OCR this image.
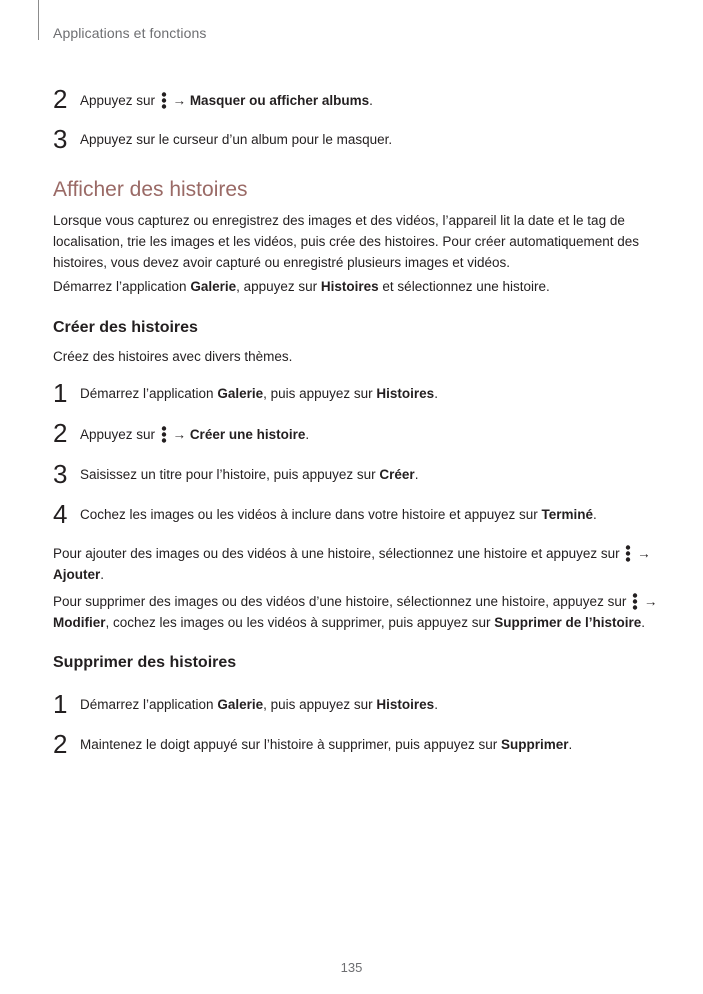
Applications et fonctions
2 Appuyez sur  → Masquer ou afficher albums.
3 Appuyez sur le curseur d’un album pour le masquer.
Afficher des histoires
Lorsque vous capturez ou enregistrez des images et des vidéos, l’appareil lit la date et le tag de localisation, trie les images et les vidéos, puis crée des histoires. Pour créer automatiquement des histoires, vous devez avoir capturé ou enregistré plusieurs images et vidéos.
Démarrez l’application Galerie, appuyez sur Histoires et sélectionnez une histoire.
Créer des histoires
Créez des histoires avec divers thèmes.
1 Démarrez l’application Galerie, puis appuyez sur Histoires.
2 Appuyez sur  → Créer une histoire.
3 Saisissez un titre pour l’histoire, puis appuyez sur Créer.
4 Cochez les images ou les vidéos à inclure dans votre histoire et appuyez sur Terminé.
Pour ajouter des images ou des vidéos à une histoire, sélectionnez une histoire et appuyez sur  →
Ajouter.
Pour supprimer des images ou des vidéos d’une histoire, sélectionnez une histoire, appuyez sur  →
Modifier, cochez les images ou les vidéos à supprimer, puis appuyez sur Supprimer de l’histoire.
Supprimer des histoires
1 Démarrez l’application Galerie, puis appuyez sur Histoires.
2 Maintenez le doigt appuyé sur l’histoire à supprimer, puis appuyez sur Supprimer.
135
